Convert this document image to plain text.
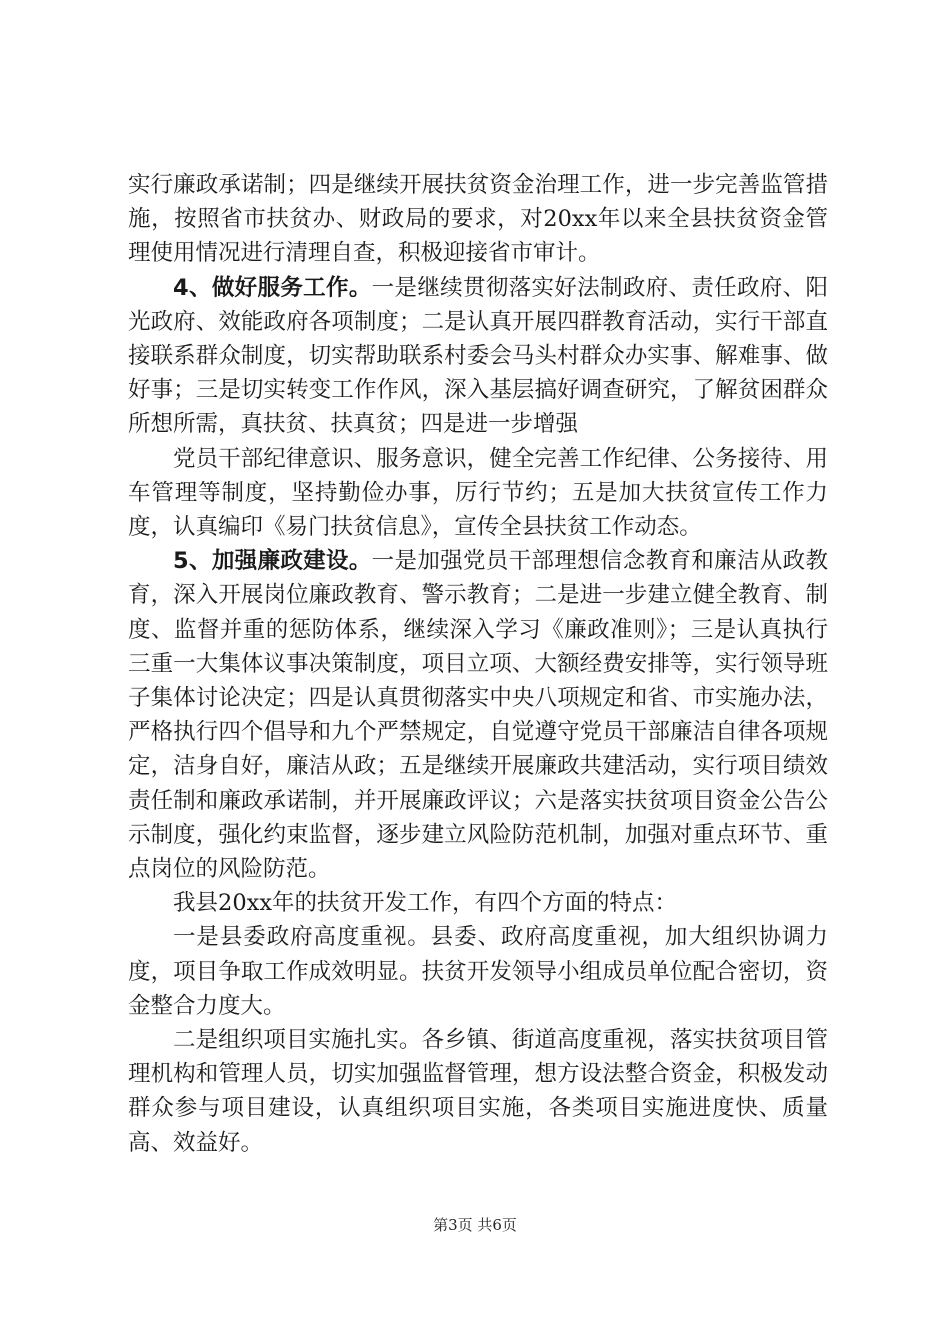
实行廉政承诺制；四是继续开展扶贫资金治理工作，进一步完善监管措施，按照省市扶贫办、财政局的要求，对20xx年以来全县扶贫资金管理使用情况进行清理自查，积极迎接省市审计。

4、做好服务工作。一是继续贯彻落实好法制政府、责任政府、阳光政府、效能政府各项制度；二是认真开展四群教育活动，实行干部直接联系群众制度，切实帮助联系村委会马头村群众办实事、解难事、做好事；三是切实转变工作作风，深入基层搞好调查研究，了解贫困群众所想所需，真扶贫、扶真贫；四是进一步增强

党员干部纪律意识、服务意识，健全完善工作纪律、公务接待、用车管理等制度，坚持勤俭办事，厉行节约；五是加大扶贫宣传工作力度，认真编印《易门扶贫信息》，宣传全县扶贫工作动态。

5、加强廉政建设。一是加强党员干部理想信念教育和廉洁从政教育，深入开展岗位廉政教育、警示教育；二是进一步建立健全教育、制度、监督并重的惩防体系，继续深入学习《廉政准则》；三是认真执行三重一大集体议事决策制度，项目立项、大额经费安排等，实行领导班子集体讨论决定；四是认真贯彻落实中央八项规定和省、市实施办法，严格执行四个倡导和九个严禁规定，自觉遵守党员干部廉洁自律各项规定，洁身自好，廉洁从政；五是继续开展廉政共建活动，实行项目绩效责任制和廉政承诺制，并开展廉政评议；六是落实扶贫项目资金公告公示制度，强化约束监督，逐步建立风险防范机制，加强对重点环节、重点岗位的风险防范。

我县20xx年的扶贫开发工作，有四个方面的特点：

一是县委政府高度重视。县委、政府高度重视，加大组织协调力度，项目争取工作成效明显。扶贫开发领导小组成员单位配合密切，资金整合力度大。

二是组织项目实施扎实。各乡镇、街道高度重视，落实扶贫项目管理机构和管理人员，切实加强监督管理，想方设法整合资金，积极发动群众参与项目建设，认真组织项目实施，各类项目实施进度快、质量高、效益好。

第3页 共6页
